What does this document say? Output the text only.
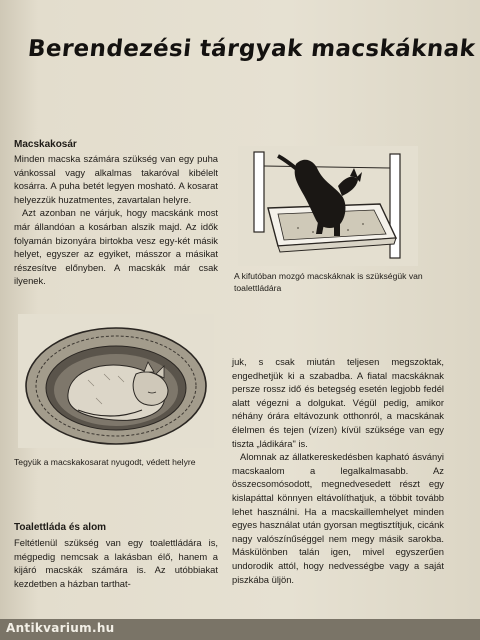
Berendezési tárgyak macskáknak
Macskakosár

Minden macska számára szükség van egy puha vánkossal vagy alkalmas takaróval kibélelt kosárra. A puha betét legyen mosható. A kosarat helyezzük huzatmentes, zavartalan helyre.

Azt azonban ne várjuk, hogy macskánk most már állandóan a kosárban alszik majd. Az idők folyamán bizonyára birtokba vesz egy-két másik helyet, egyszer az egyiket, másszor a másikat részesítve előnyben. A macskák már csak ilyenek.	A kifutóban mozgó macskáknak is szükségük van toalettládára
Tegyük a macskakosarat nyugodt, védett helyre
Toalettláda és alom

Feltétlenül szükség van egy toalettládára is, mégpedig nemcsak a lakásban élő, hanem a kijáró macskák számára is. Az utóbbiakat kezdetben a házban tarthat-

juk, s csak miután teljesen megszoktak, engedhetjük ki a szabadba. A fiatal macskáknak persze rossz idő és betegség esetén legjobb fedél alatt végezni a dolgukat. Végül pedig, amikor néhány órára eltávozunk otthonról, a macskának élelmen és tejen (vízen) kívül szüksége van egy tiszta „ládikára" is.

Alomnak az állatkereskedésben kapható ásványi macskaalom a legalkalmasabb. Az összecsomósodott, megnedvesedett részt egy kislapáttal könnyen eltávolíthatjuk, a többit tovább lehet használni. Ha a macskaillemhelyet minden egyes használat után gyorsan megtisztítjuk, cicánk nagy valószínűséggel nem megy másik sarokba. Máskülönben talán igen, mivel egyszerűen undorodik attól, hogy nedvességbe vagy a saját piszkába üljön.

Antikvarium.hu
